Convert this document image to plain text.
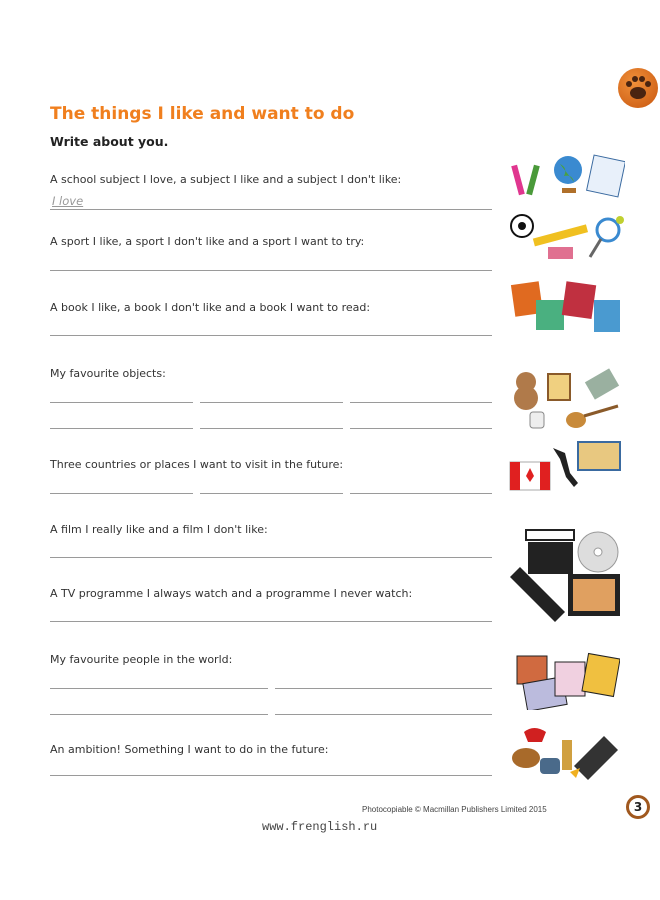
The things I like and want to do
Write about you.
A school subject I love, a subject I like and a subject I don't like:
I love
A sport I like, a sport I don't like and a sport I want to try:
A book I like, a book I don't like and a book I want to read:
My favourite objects:
Three countries or places I want to visit in the future:
A film I really like and a film I don't like:
A TV programme I always watch and a programme I never watch:
My favourite people in the world:
An ambition! Something I want to do in the future:
Photocopiable © Macmillan Publishers Limited 2015	3
www.frenglish.ru
